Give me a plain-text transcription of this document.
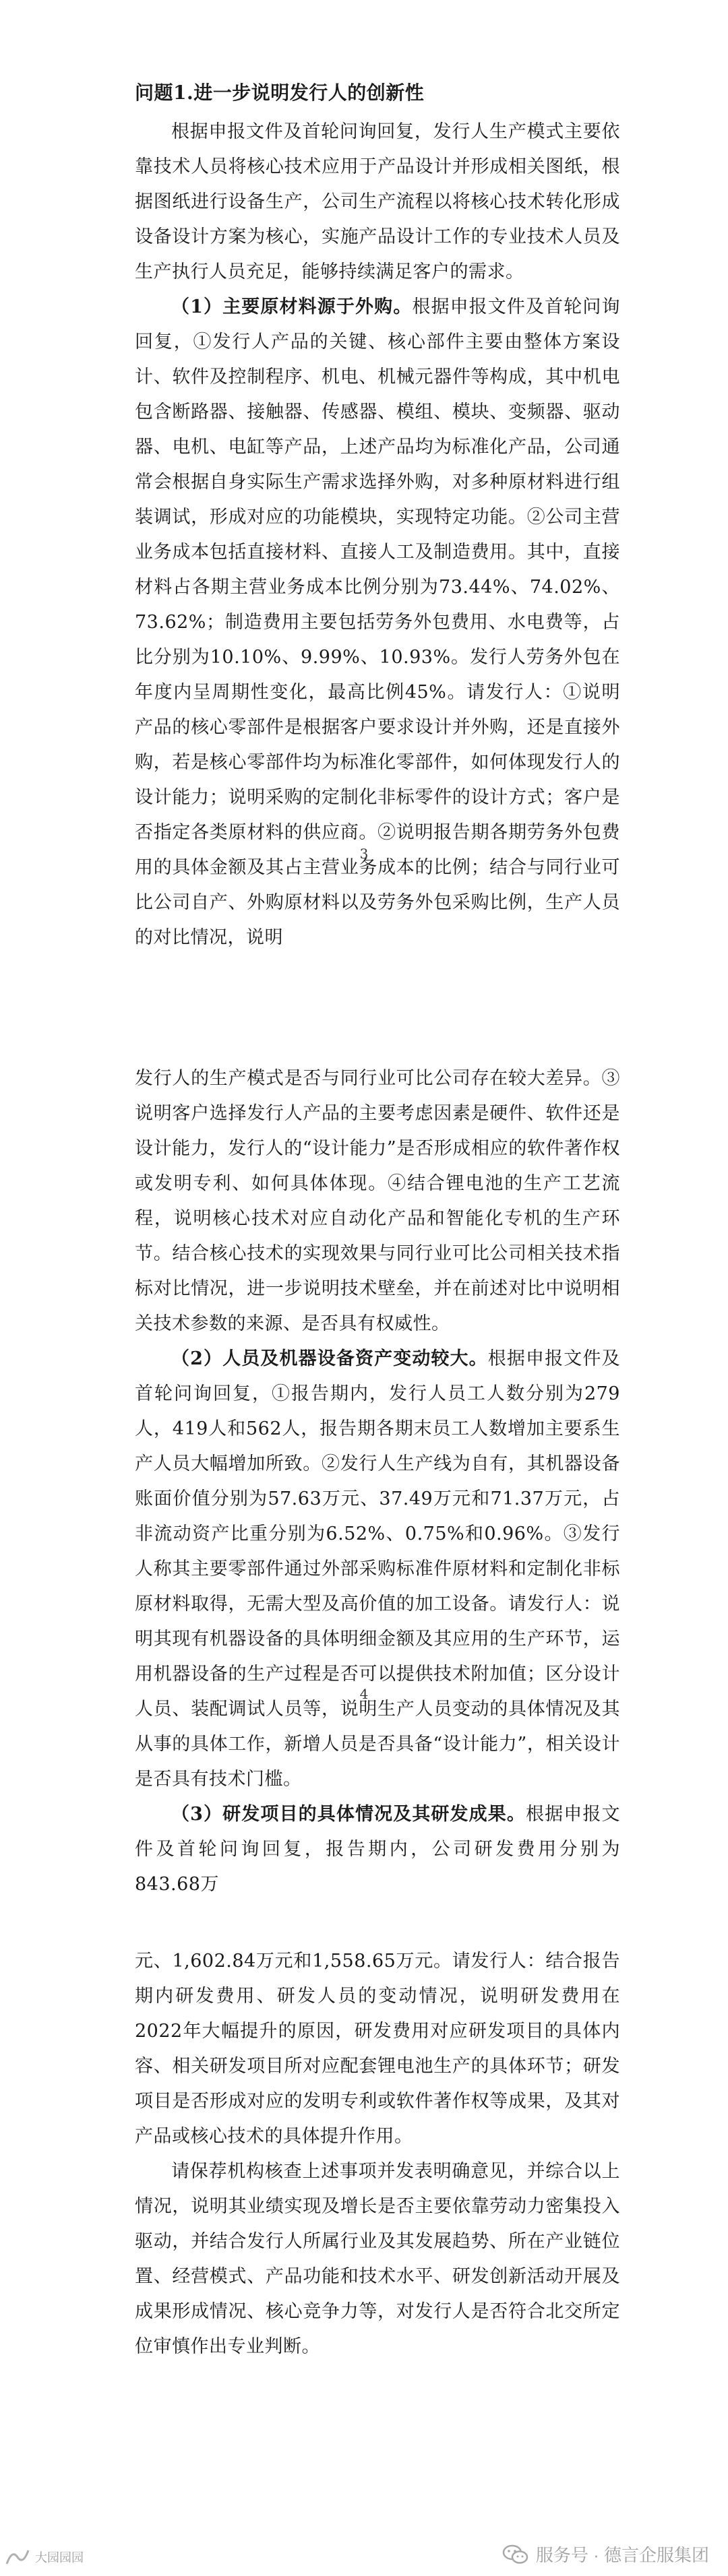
问题1.进一步说明发行人的创新性

根据申报文件及首轮问询回复，发行人生产模式主要依靠技术人员将核心技术应用于产品设计并形成相关图纸，根据图纸进行设备生产，公司生产流程以将核心技术转化形成设备设计方案为核心，实施产品设计工作的专业技术人员及生产执行人员充足，能够持续满足客户的需求。

（1）主要原材料源于外购。根据申报文件及首轮问询回复，①发行人产品的关键、核心部件主要由整体方案设计、软件及控制程序、机电、机械元器件等构成，其中机电包含断路器、接触器、传感器、模组、模块、变频器、驱动器、电机、电缸等产品，上述产品均为标准化产品，公司通常会根据自身实际生产需求选择外购，对多种原材料进行组装调试，形成对应的功能模块，实现特定功能。②公司主营业务成本包括直接材料、直接人工及制造费用。其中，直接材料占各期主营业务成本比例分别为73.44%、74.02%、73.62%；制造费用主要包括劳务外包费用、水电费等，占比分别为10.10%、9.99%、10.93%。发行人劳务外包在年度内呈周期性变化，最高比例45%。请发行人：①说明产品的核心零部件是根据客户要求设计并外购，还是直接外购，若是核心零部件均为标准化零部件，如何体现发行人的设计能力；说明采购的定制化非标零件的设计方式；客户是否指定各类原材料的供应商。②说明报告期各期劳务外包费用的具体金额及其占主营业务成本的比例；结合与同行业可比公司自产、外购原材料以及劳务外包采购比例，生产人员的对比情况，说明

3

发行人的生产模式是否与同行业可比公司存在较大差异。③说明客户选择发行人产品的主要考虑因素是硬件、软件还是设计能力，发行人的“设计能力”是否形成相应的软件著作权或发明专利、如何具体体现。④结合锂电池的生产工艺流程，说明核心技术对应自动化产品和智能化专机的生产环节。结合核心技术的实现效果与同行业可比公司相关技术指标对比情况，进一步说明技术壁垒，并在前述对比中说明相关技术参数的来源、是否具有权威性。

（2）人员及机器设备资产变动较大。根据申报文件及首轮问询回复，①报告期内，发行人员工人数分别为279人，419人和562人，报告期各期末员工人数增加主要系生产人员大幅增加所致。②发行人生产线为自有，其机器设备账面价值分别为57.63万元、37.49万元和71.37万元，占非流动资产比重分别为6.52%、0.75%和0.96%。③发行人称其主要零部件通过外部采购标准件原材料和定制化非标原材料取得，无需大型及高价值的加工设备。请发行人：说明其现有机器设备的具体明细金额及其应用的生产环节，运用机器设备的生产过程是否可以提供技术附加值；区分设计人员、装配调试人员等，说明生产人员变动的具体情况及其从事的具体工作，新增人员是否具备“设计能力”，相关设计是否具有技术门槛。

（3）研发项目的具体情况及其研发成果。根据申报文件及首轮问询回复，报告期内，公司研发费用分别为843.68万

4

元、1,602.84万元和1,558.65万元。请发行人：结合报告期内研发费用、研发人员的变动情况，说明研发费用在2022年大幅提升的原因，研发费用对应研发项目的具体内容、相关研发项目所对应配套锂电池生产的具体环节；研发项目是否形成对应的发明专利或软件著作权等成果，及其对产品或核心技术的具体提升作用。

请保荐机构核查上述事项并发表明确意见，并综合以上情况，说明其业绩实现及增长是否主要依靠劳动力密集投入驱动，并结合发行人所属行业及其发展趋势、所在产业链位置、经营模式、产品功能和技术水平、研发创新活动开展及成果形成情况、核心竞争力等，对发行人是否符合北交所定位审慎作出专业判断。

大园园园	服务号 · 德言企服集团
